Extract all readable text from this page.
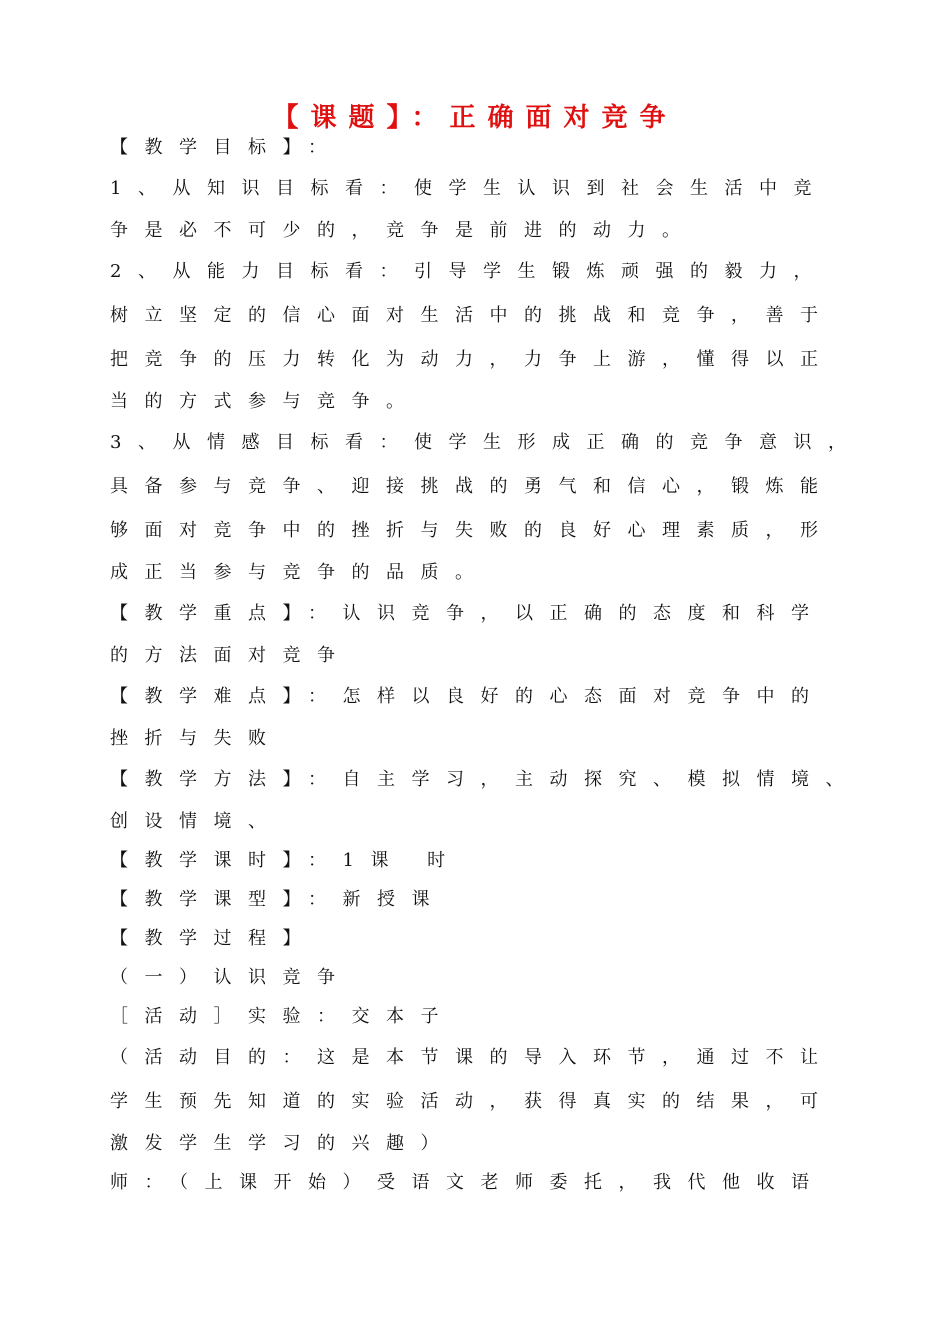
【课题】：正确面对竞争
【教学目标】：
1、从知识目标看：使学生认识到社会生活中竞
争是必不可少的，竞争是前进的动力。
2、从能力目标看：引导学生锻炼顽强的毅力，
树立坚定的信心面对生活中的挑战和竞争，善于
把竞争的压力转化为动力，力争上游，懂得以正
当的方式参与竞争。
3、从情感目标看：使学生形成正确的竞争意识，
具备参与竞争、迎接挑战的勇气和信心，锻炼能
够面对竞争中的挫折与失败的良好心理素质，形
成正当参与竞争的品质。
【教学重点】：认识竞争，以正确的态度和科学
的方法面对竞争
【教学难点】：怎样以良好的心态面对竞争中的
挫折与失败
【教学方法】：自主学习，主动探究、模拟情境、
创设情境、
【教学课时】：1课 时
【教学课型】：新授课
【教学过程】
（一）认识竞争
［活动］实验：交本子
（活动目的：这是本节课的导入环节，通过不让
学生预先知道的实验活动，获得真实的结果，可
激发学生学习的兴趣）
师：（上课开始）受语文老师委托，我代他收语
